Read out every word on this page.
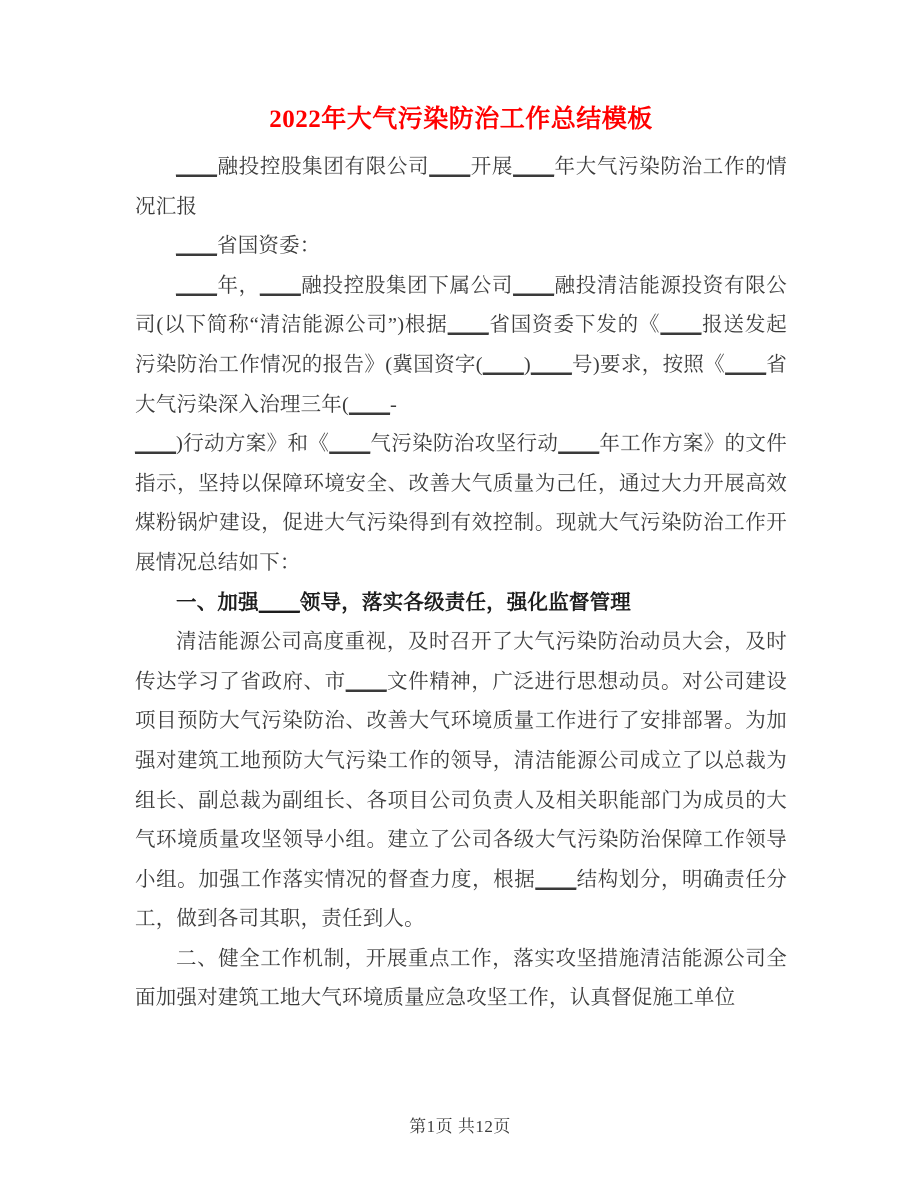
2022年大气污染防治工作总结模板

____融投控股集团有限公司____开展____年大气污染防治工作的情况汇报

____省国资委：

____年，____融投控股集团下属公司____融投清洁能源投资有限公司(以下简称“清洁能源公司”)根据____省国资委下发的《____报送发起污染防治工作情况的报告》(冀国资字(____)____号)要求，按照《____省大气污染深入治理三年(____-

____)行动方案》和《____气污染防治攻坚行动____年工作方案》的文件指示，坚持以保障环境安全、改善大气质量为己任，通过大力开展高效煤粉锅炉建设，促进大气污染得到有效控制。现就大气污染防治工作开展情况总结如下：

一、加强____领导，落实各级责任，强化监督管理

清洁能源公司高度重视，及时召开了大气污染防治动员大会，及时传达学习了省政府、市____文件精神，广泛进行思想动员。对公司建设项目预防大气污染防治、改善大气环境质量工作进行了安排部署。为加强对建筑工地预防大气污染工作的领导，清洁能源公司成立了以总裁为组长、副总裁为副组长、各项目公司负责人及相关职能部门为成员的大气环境质量攻坚领导小组。建立了公司各级大气污染防治保障工作领导小组。加强工作落实情况的督查力度，根据____结构划分，明确责任分工，做到各司其职，责任到人。

二、健全工作机制，开展重点工作，落实攻坚措施清洁能源公司全面加强对建筑工地大气环境质量应急攻坚工作，认真督促施工单位

第1页 共12页
